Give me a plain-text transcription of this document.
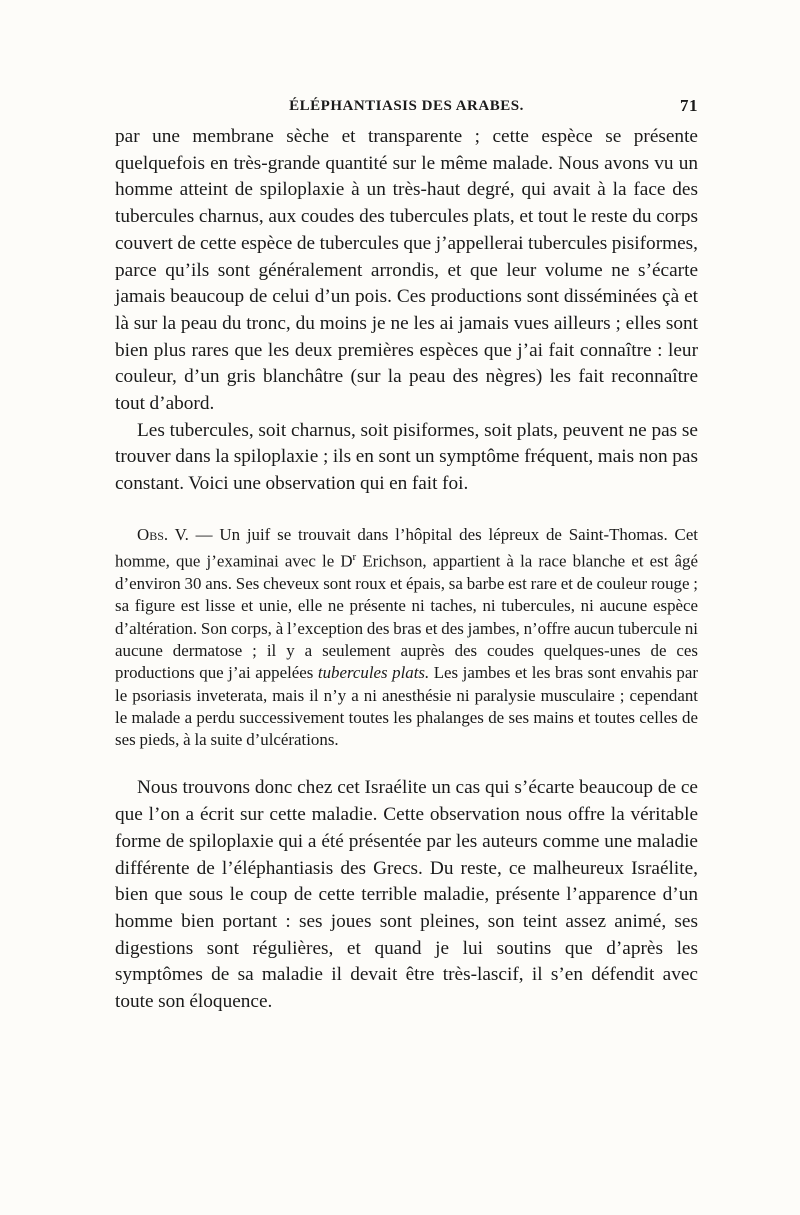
ÉLÉPHANTIASIS DES ARABES.	71

par une membrane sèche et transparente ; cette espèce se présente quelquefois en très-grande quantité sur le même malade. Nous avons vu un homme atteint de spiloplaxie à un très-haut degré, qui avait à la face des tubercules charnus, aux coudes des tubercules plats, et tout le reste du corps couvert de cette espèce de tubercules que j’appellerai tubercules pisiformes, parce qu’ils sont généralement arrondis, et que leur volume ne s’écarte jamais beaucoup de celui d’un pois. Ces productions sont disséminées çà et là sur la peau du tronc, du moins je ne les ai jamais vues ailleurs ; elles sont bien plus rares que les deux premières espèces que j’ai fait connaître : leur couleur, d’un gris blanchâtre (sur la peau des nègres) les fait reconnaître tout d’abord.

Les tubercules, soit charnus, soit pisiformes, soit plats, peuvent ne pas se trouver dans la spiloplaxie ; ils en sont un symptôme fréquent, mais non pas constant. Voici une observation qui en fait foi.

Obs. V. — Un juif se trouvait dans l’hôpital des lépreux de Saint-Thomas. Cet homme, que j’examinai avec le $D^r$ Erichson, appartient à la race blanche et est âgé d’environ 30 ans. Ses cheveux sont roux et épais, sa barbe est rare et de couleur rouge ; sa figure est lisse et unie, elle ne présente ni taches, ni tubercules, ni aucune espèce d’altération. Son corps, à l’exception des bras et des jambes, n’offre aucun tubercule ni aucune dermatose ; il y a seulement auprès des coudes quelques-unes de ces productions que j’ai appelées tubercules plats. Les jambes et les bras sont envahis par le psoriasis inveterata, mais il n’y a ni anesthésie ni paralysie musculaire ; cependant le malade a perdu successivement toutes les phalanges de ses mains et toutes celles de ses pieds, à la suite d’ulcérations.

Nous trouvons donc chez cet Israélite un cas qui s’écarte beaucoup de ce que l’on a écrit sur cette maladie. Cette observation nous offre la véritable forme de spiloplaxie qui a été présentée par les auteurs comme une maladie différente de l’éléphantiasis des Grecs. Du reste, ce malheureux Israélite, bien que sous le coup de cette terrible maladie, présente l’apparence d’un homme bien portant : ses joues sont pleines, son teint assez animé, ses digestions sont régulières, et quand je lui soutins que d’après les symptômes de sa maladie il devait être très-lascif, il s’en défendit avec toute son éloquence.
